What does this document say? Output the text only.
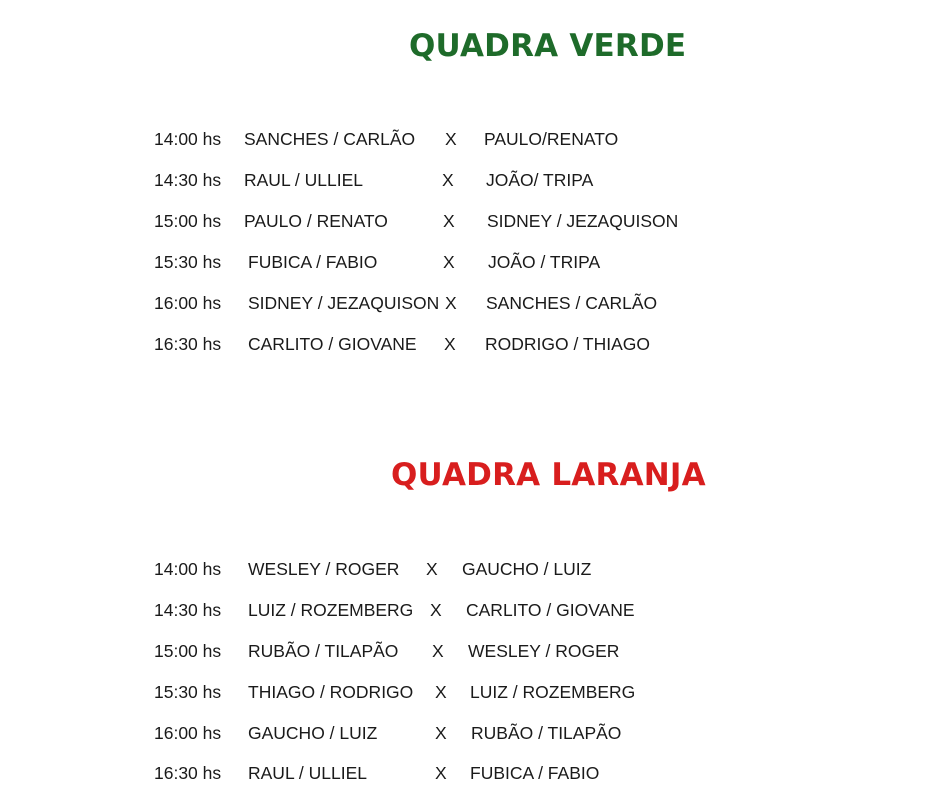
QUADRA VERDE
14:00 hs SANCHES / CARLÃO X PAULO/RENATO
14:30 hs RAUL / ULLIEL	X JOÃO/ TRIPA
15:00 hs PAULO / RENATO	X SIDNEY / JEZAQUISON
15:30 hs FUBICA / FABIO	X JOÃO / TRIPA
16:00 hs SIDNEY / JEZAQUISON X SANCHES / CARLÃO
16:30 hs CARLITO / GIOVANE X RODRIGO / THIAGO
QUADRA LARANJA
14:00 hs WESLEY / ROGER X GAUCHO / LUIZ
14:30 hs LUIZ / ROZEMBERG X CARLITO / GIOVANE
15:00 hs RUBÃO / TILAPÃO X WESLEY / ROGER
15:30 hs THIAGO / RODRIGO X LUIZ / ROZEMBERG
16:00 hs GAUCHO / LUIZ	X RUBÃO / TILAPÃO
16:30 hs RAUL / ULLIEL	X FUBICA / FABIO
